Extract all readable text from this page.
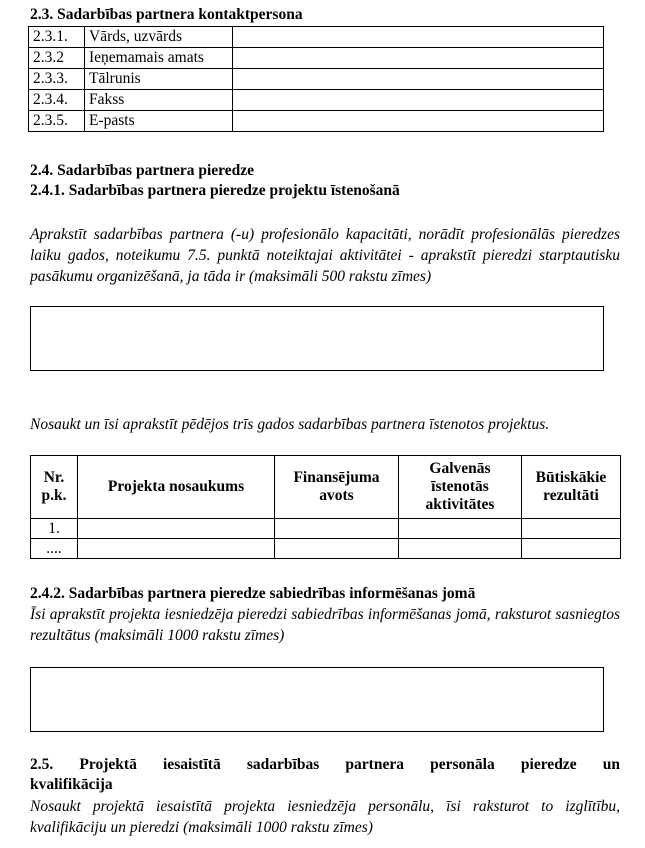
2.3. Sadarbības partnera kontaktpersona
2.3.1.	Vārds, uzvārds	
2.3.2	Ieņemamais amats	
2.3.3.	Tālrunis	
2.3.4.	Fakss	
2.3.5.	E-pasts	
2.4. Sadarbības partnera pieredze
2.4.1. Sadarbības partnera pieredze projektu īstenošanā
Aprakstīt sadarbības partnera (-u) profesionālo kapacitāti, norādīt profesionālās pieredzes laiku gados, noteikumu 7.5. punktā noteiktajai aktivitātei - aprakstīt pieredzi starptautisku pasākumu organizēšanā, ja tāda ir (maksimāli 500 rakstu zīmes)
Nosaukt un īsi aprakstīt pēdējos trīs gados sadarbības partnera īstenotos projektus.
Nr. p.k.	Projekta nosaukums	Finansējuma avots	Galvenās īstenotās aktivitātes	Būtiskākie rezultāti
1.				
....				
2.4.2. Sadarbības partnera pieredze sabiedrības informēšanas jomā
Īsi aprakstīt projekta iesniedzēja pieredzi sabiedrības informēšanas jomā, raksturot sasniegtos rezultātus (maksimāli 1000 rakstu zīmes)
2.5. Projektā iesaistītā sadarbības partnera personāla pieredze un
kvalifikācija
Nosaukt projektā iesaistītā projekta iesniedzēja personālu, īsi raksturot to izglītību, kvalifikāciju un pieredzi (maksimāli 1000 rakstu zīmes)
